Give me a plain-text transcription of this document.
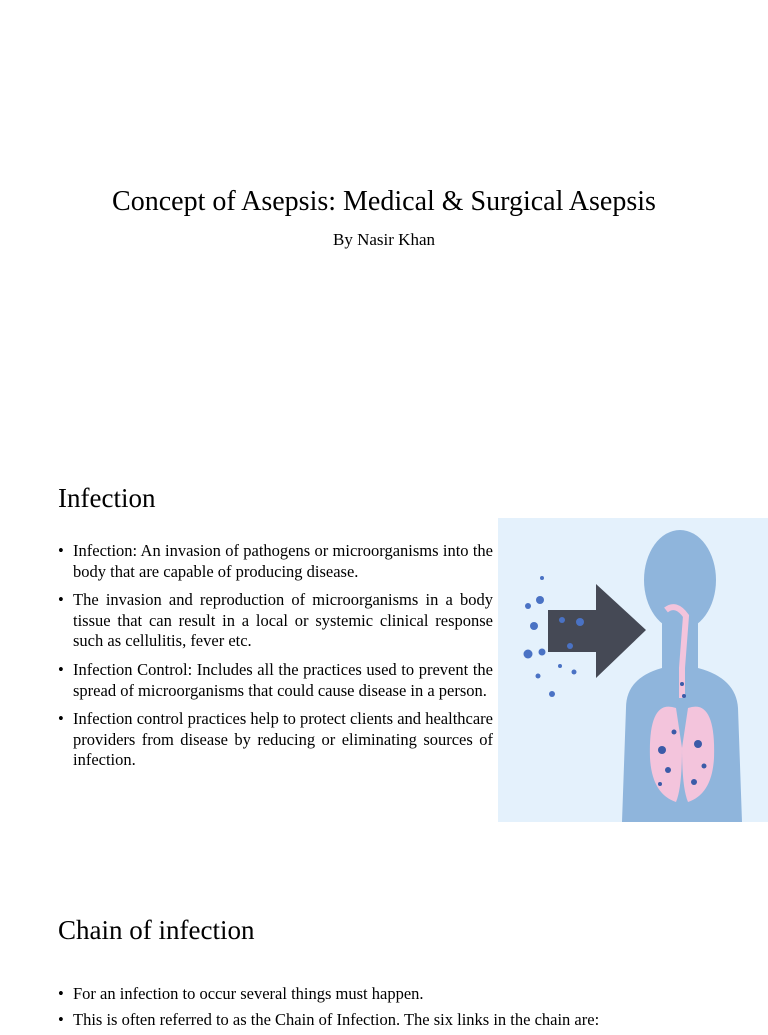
Concept of Asepsis: Medical & Surgical Asepsis

By Nasir Khan

Infection
• Infection: An invasion of pathogens or microorganisms into the body that are capable of producing disease.
• The invasion and reproduction of microorganisms in a body tissue that can result in a local or systemic clinical response such as cellulitis, fever etc.
• Infection Control: Includes all the practices used to prevent the spread of microorganisms that could cause disease in a person.
• Infection control practices help to protect clients and healthcare providers from disease by reducing or eliminating sources of infection.
Chain of infection
• For an infection to occur several things must happen.
• This is often referred to as the Chain of Infection. The six links in the chain are:
